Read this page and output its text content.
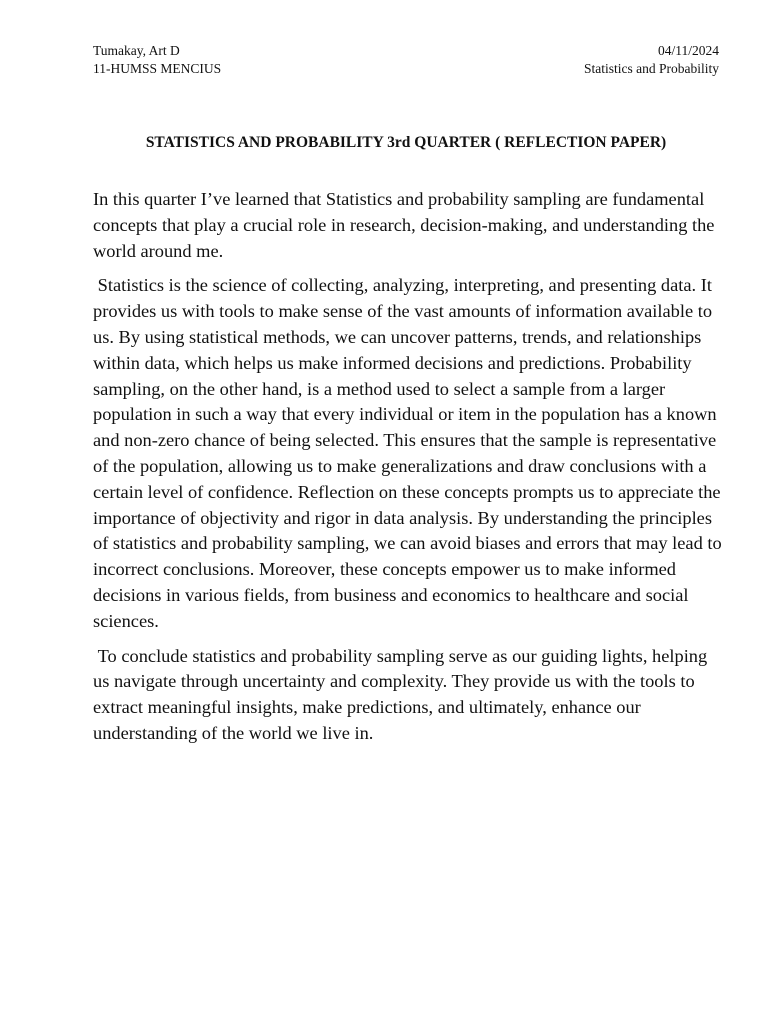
Tumakay, Art D
11-HUMSS MENCIUS
04/11/2024
Statistics and Probability
STATISTICS AND PROBABILITY 3rd QUARTER ( REFLECTION PAPER)

In this quarter I’ve learned that Statistics and probability sampling are fundamental concepts that play a crucial role in research, decision-making, and understanding the world around me.

Statistics is the science of collecting, analyzing, interpreting, and presenting data. It provides us with tools to make sense of the vast amounts of information available to us. By using statistical methods, we can uncover patterns, trends, and relationships within data, which helps us make informed decisions and predictions. Probability sampling, on the other hand, is a method used to select a sample from a larger population in such a way that every individual or item in the population has a known and non-zero chance of being selected. This ensures that the sample is representative of the population, allowing us to make generalizations and draw conclusions with a certain level of confidence. Reflection on these concepts prompts us to appreciate the importance of objectivity and rigor in data analysis. By understanding the principles of statistics and probability sampling, we can avoid biases and errors that may lead to incorrect conclusions. Moreover, these concepts empower us to make informed decisions in various fields, from business and economics to healthcare and social sciences.

To conclude statistics and probability sampling serve as our guiding lights, helping us navigate through uncertainty and complexity. They provide us with the tools to extract meaningful insights, make predictions, and ultimately, enhance our understanding of the world we live in.
